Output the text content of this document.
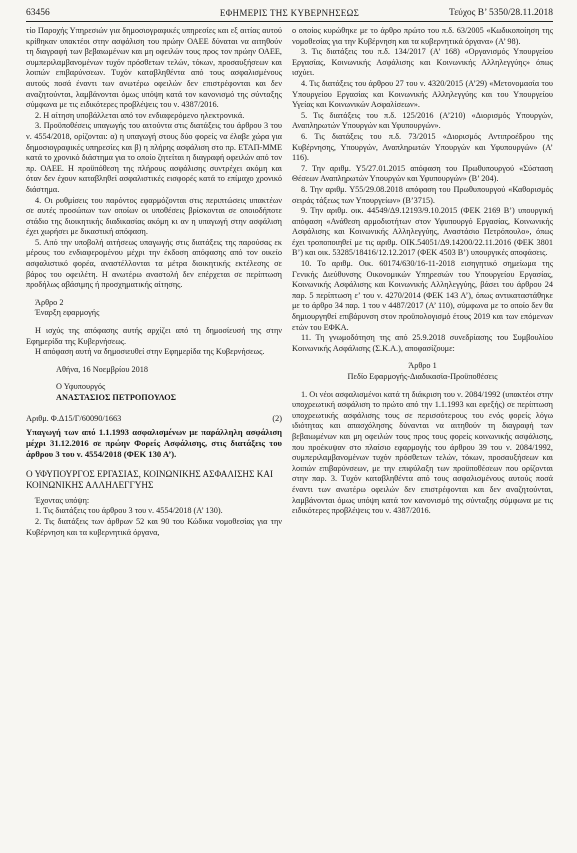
63456	ΕΦΗΜΕΡΙΣ ΤΗΣ ΚΥΒΕΡΝΗΣΕΩΣ	Τεύχος Β’ 5350/28.11.2018

τίο Παροχής Υπηρεσιών για δημοσιογραφικές υπηρεσίες και εξ αιτίας αυτού κρίθηκαν υπακτέοι στην ασφάλιση του πρώην ΟΑΕΕ δύναται να αιτηθούν τη διαγραφή των βεβαιωμένων και μη οφειλών τους προς τον πρώην ΟΑΕΕ, συμπεριλαμβανομένων τυχόν πρόσθετων τελών, τόκων, προσαυξήσεων και λοιπών επιβαρύνσεων. Τυχόν καταβληθέντα από τους ασφαλισμένους αυτούς ποσά έναντι των ανωτέρω οφειλών δεν επιστρέφονται και δεν αναζητούνται, λαμβάνονται όμως υπόψη κατά τον κανονισμό της σύνταξης σύμφωνα με τις ειδικότερες προβλέψεις του ν. 4387/2016.

2. Η αίτηση υποβάλλεται από τον ενδιαφερόμενο ηλεκτρονικά.

3. Προϋποθέσεις υπαγωγής του αιτούντα στις διατάξεις του άρθρου 3 του ν. 4554/2018, ορίζονται: α) η υπαγωγή στους δύο φορείς να έλαβε χώρα για δημοσιογραφικές υπηρεσίες και β) η πλήρης ασφάλιση στο πρ. ΕΤΑΠ-ΜΜΕ κατά το χρονικό διάστημα για το οποίο ζητείται η διαγραφή οφειλών από τον πρ. ΟΑΕΕ. Η προϋπόθεση της πλήρους ασφάλισης συντρέχει ακόμη και όταν δεν έχουν καταβληθεί ασφαλιστικές εισφορές κατά το επίμαχο χρονικό διάστημα.

4. Οι ρυθμίσεις του παρόντος εφαρμόζονται στις περιπτώσεις υπακτέων σε αυτές προσώπων των οποίων οι υποθέσεις βρίσκονται σε οποιοδήποτε στάδιο της διοικητικής διαδικασίας ακόμη κι αν η υπαγωγή στην ασφάλιση έχει χωρήσει με δικαστική απόφαση.

5. Από την υποβολή αιτήσεως υπαγωγής στις διατάξεις της παρούσας εκ μέρους του ενδιαφερομένου μέχρι την έκδοση απόφασης από τον οικείο ασφαλιστικό φορέα, αναστέλλονται τα μέτρα διοικητικής εκτέλεσης σε βάρος του οφειλέτη. Η ανωτέρω αναστολή δεν επέρχεται σε περίπτωση προδήλως αβάσιμης ή προσχηματικής αίτησης.

Άρθρο 2

Έναρξη εφαρμογής

Η ισχύς της απόφασης αυτής αρχίζει από τη δημοσίευσή της στην Εφημερίδα της Κυβερνήσεως.

Η απόφαση αυτή να δημοσιευθεί στην Εφημερίδα της Κυβερνήσεως.

Αθήνα, 16 Νοεμβρίου 2018

Ο Υφυπουργός

ΑΝΑΣΤΑΣΙΟΣ ΠΕΤΡΟΠΟΥΛΟΣ

Αριθμ. Φ.Δ15/Γ/60090/1663	(2)

Υπαγωγή των από 1.1.1993 ασφαλισμένων με παράλληλη ασφάλιση μέχρι 31.12.2016 σε πρώην Φορείς Ασφάλισης, στις διατάξεις του άρθρου 3 του ν. 4554/2018 (ΦΕΚ 130 Α’).

Ο ΥΦΥΠΟΥΡΓΟΣ ΕΡΓΑΣΙΑΣ, ΚΟΙΝΩΝΙΚΗΣ ΑΣΦΑΛΙΣΗΣ ΚΑΙ ΚΟΙΝΩΝΙΚΗΣ ΑΛΛΗΛΕΓΓΥΗΣ

Έχοντας υπόψη:

1. Τις διατάξεις του άρθρου 3 του ν. 4554/2018 (Α’ 130).

2. Τις διατάξεις των άρθρων 52 και 90 του Κώδικα νομοθεσίας για την Κυβέρνηση και τα κυβερνητικά όργανα,

ο οποίος κυρώθηκε με το άρθρο πρώτο του π.δ. 63/2005 «Κωδικοποίηση της νομοθεσίας για την Κυβέρνηση και τα κυβερνητικά όργανα» (Α’ 98).

3. Τις διατάξεις του π.δ. 134/2017 (Α’ 168) «Οργανισμός Υπουργείου Εργασίας, Κοινωνικής Ασφάλισης και Κοινωνικής Αλληλεγγύης» όπως ισχύει.

4. Τις διατάξεις του άρθρου 27 του ν. 4320/2015 (Α’29) «Μετονομασία του Υπουργείου Εργασίας και Κοινωνικής Αλληλεγγύης και του Υπουργείου Υγείας και Κοινωνικών Ασφαλίσεων».

5. Τις διατάξεις του π.δ. 125/2016 (Α’210) «Διορισμός Υπουργών, Αναπληρωτών Υπουργών και Υφυπουργών».

6. Τις διατάξεις του π.δ. 73/2015 «Διορισμός Αντιπροέδρου της Κυβέρνησης, Υπουργών, Αναπληρωτών Υπουργών και Υφυπουργών» (Α’ 116).

7. Την αριθμ. Υ5/27.01.2015 απόφαση του Πρωθυπουργού «Σύσταση Θέσεων Αναπληρωτών Υπουργών και Υφυπουργών» (Β’ 204).

8. Την αριθμ. Υ55/29.08.2018 απόφαση του Πρωθυπουργού «Καθορισμός σειράς τάξεως των Υπουργείων» (Β’3715).

9. Την αριθμ. οικ. 44549/Δ9.12193/9.10.2015 (ΦΕΚ 2169 Β’) υπουργική απόφαση «Ανάθεση αρμοδιοτήτων στον Υφυπουργό Εργασίας, Κοινωνικής Ασφάλισης και Κοινωνικής Αλληλεγγύης, Αναστάσιο Πετρόπουλο», όπως έχει τροποποιηθεί με τις αριθμ. ΟΙΚ.54051/Δ9.14200/22.11.2016 (ΦΕΚ 3801 Β’) και οικ. 53285/18416/12.12.2017 (ΦΕΚ 4503 Β’) υπουργικές αποφάσεις.

10. Το αριθμ. Οικ. 60174/630/16-11-2018 εισηγητικό σημείωμα της Γενικής Διεύθυνσης Οικονομικών Υπηρεσιών του Υπουργείου Εργασίας, Κοινωνικής Ασφάλισης και Κοινωνικής Αλληλεγγύης, βάσει του άρθρου 24 παρ. 5 περίπτωση ε’ του ν. 4270/2014 (ΦΕΚ 143 Α’), όπως αντικαταστάθηκε με το άρθρο 34 παρ. 1 του ν 4487/2017 (Α’ 110), σύμφωνα με το οποίο δεν θα δημιουργηθεί επιβάρυνση στον προϋπολογισμό έτους 2019 και των επόμενων ετών του ΕΦΚΑ.

11. Τη γνωμοδότηση της από 25.9.2018 συνεδρίασης του Συμβουλίου Κοινωνικής Ασφάλισης (Σ.Κ.Α.), αποφασίζουμε:

Άρθρο 1

Πεδίο Εφαρμογής-Διαδικασία-Προϋποθέσεις

1. Οι νέοι ασφαλισμένοι κατά τη διάκριση του ν. 2084/1992 (υπακτέοι στην υποχρεωτική ασφάλιση το πρώτο από την 1.1.1993 και εφεξής) σε περίπτωση υποχρεωτικής ασφάλισης τους σε περισσότερους του ενός φορείς λόγω ιδιότητας και απασχόλησης δύνανται να αιτηθούν τη διαγραφή των βεβαιωμένων και μη οφειλών τους προς τους φορείς κοινωνικής ασφάλισης, που προέκυψαν στο πλαίσιο εφαρμογής του άρθρου 39 του ν. 2084/1992, συμπεριλαμβανομένων τυχόν πρόσθετων τελών, τόκων, προσαυξήσεων και λοιπών επιβαρύνσεων, με την επιφύλαξη των προϋποθέσεων που ορίζονται στην παρ. 3. Τυχόν καταβληθέντα από τους ασφαλισμένους αυτούς ποσά έναντι των ανωτέρω οφειλών δεν επιστρέφονται και δεν αναζητούνται, λαμβάνονται όμως υπόψη κατά τον κανονισμό της σύνταξης σύμφωνα με τις ειδικότερες προβλέψεις του ν. 4387/2016.
